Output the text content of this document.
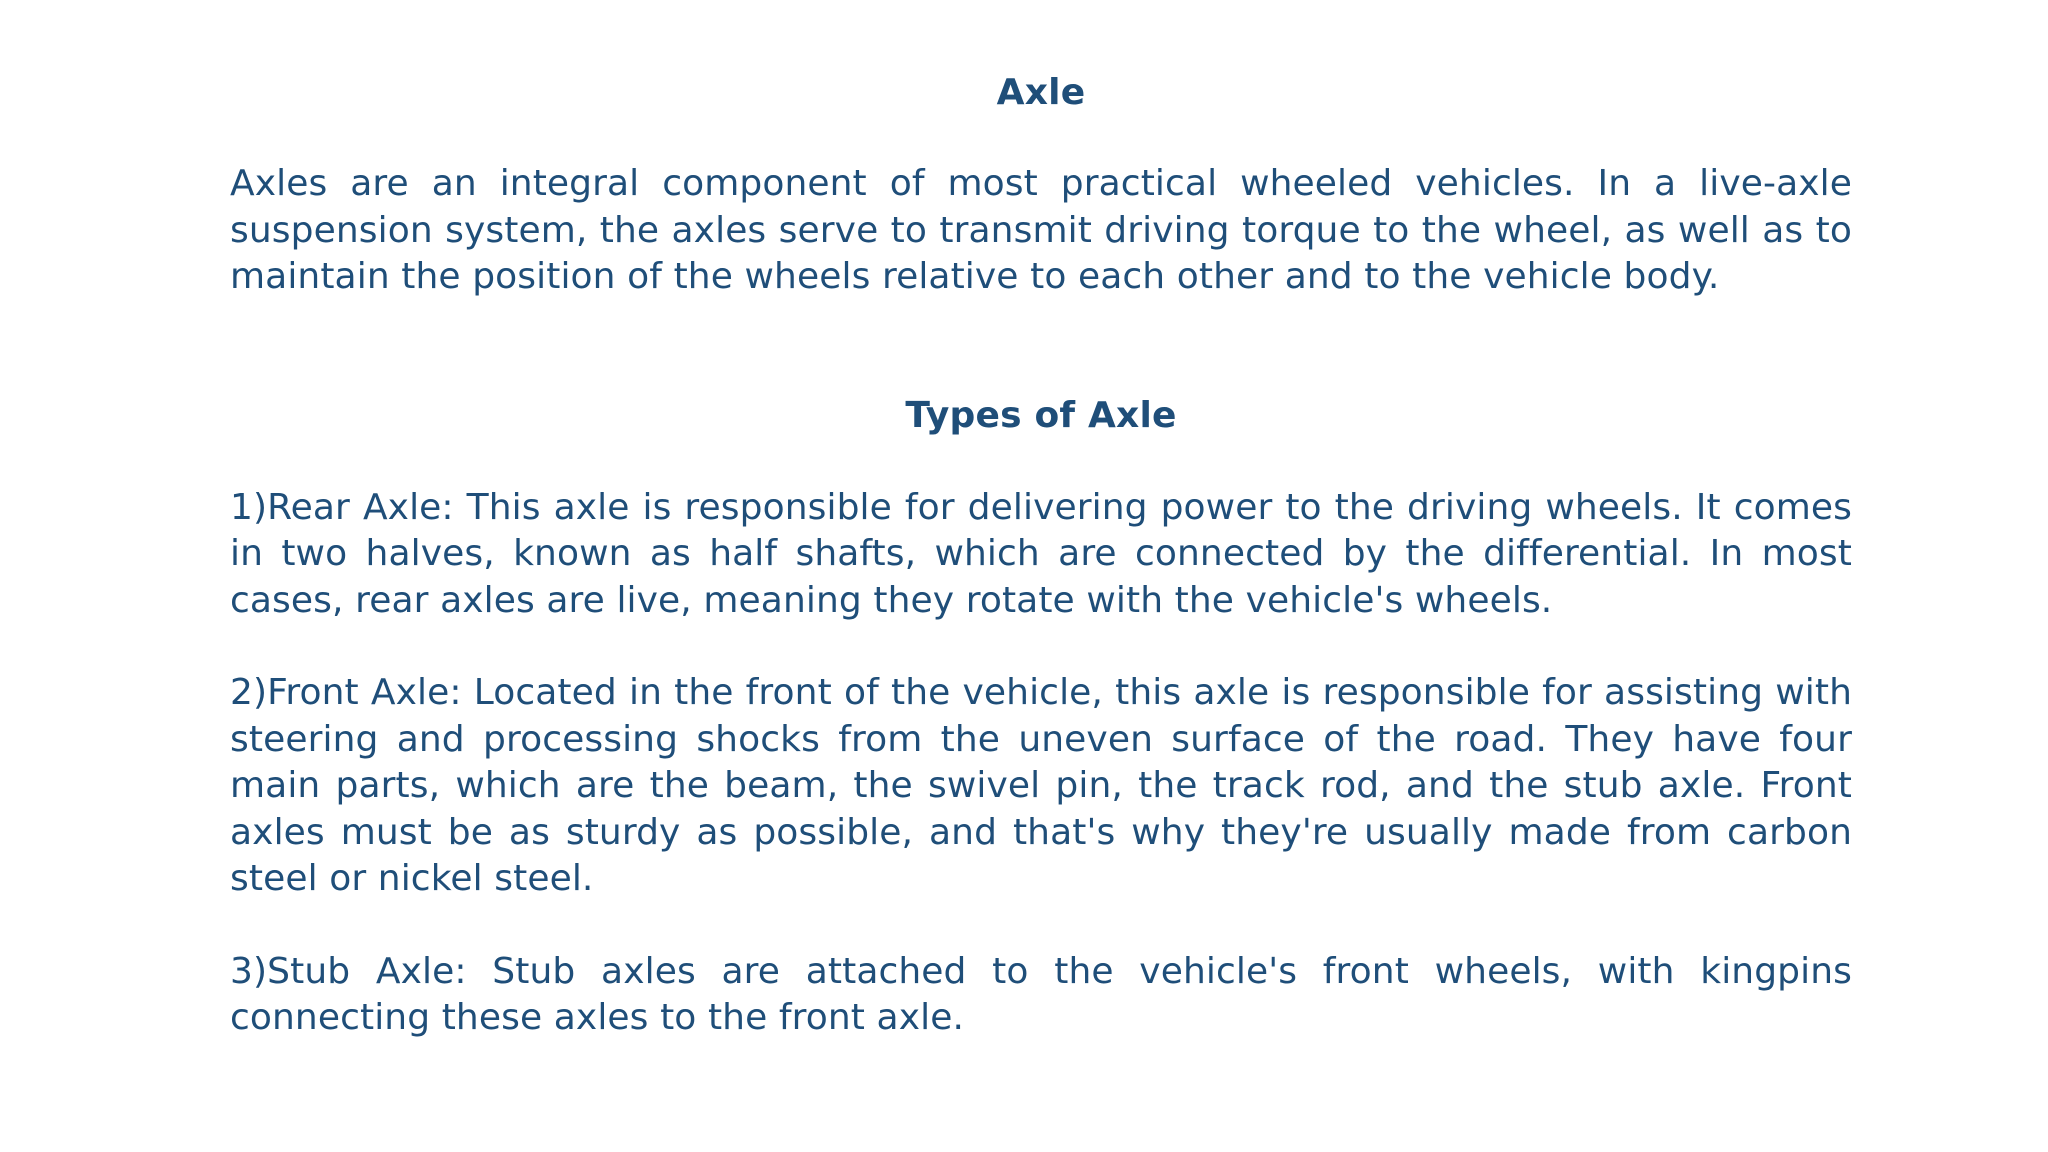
Axle

Axles are an integral component of most practical wheeled vehicles. In a live-axle suspension system, the axles serve to transmit driving torque to the wheel, as well as to maintain the position of the wheels relative to each other and to the vehicle body.

Types of Axle

1)Rear Axle: This axle is responsible for delivering power to the driving wheels. It comes in two halves, known as half shafts, which are connected by the differential. In most cases, rear axles are live, meaning they rotate with the vehicle's wheels.

2)Front Axle: Located in the front of the vehicle, this axle is responsible for assisting with steering and processing shocks from the uneven surface of the road. They have four main parts, which are the beam, the swivel pin, the track rod, and the stub axle. Front axles must be as sturdy as possible, and that's why they're usually made from carbon steel or nickel steel.

3)Stub Axle: Stub axles are attached to the vehicle's front wheels, with kingpins connecting these axles to the front axle.
